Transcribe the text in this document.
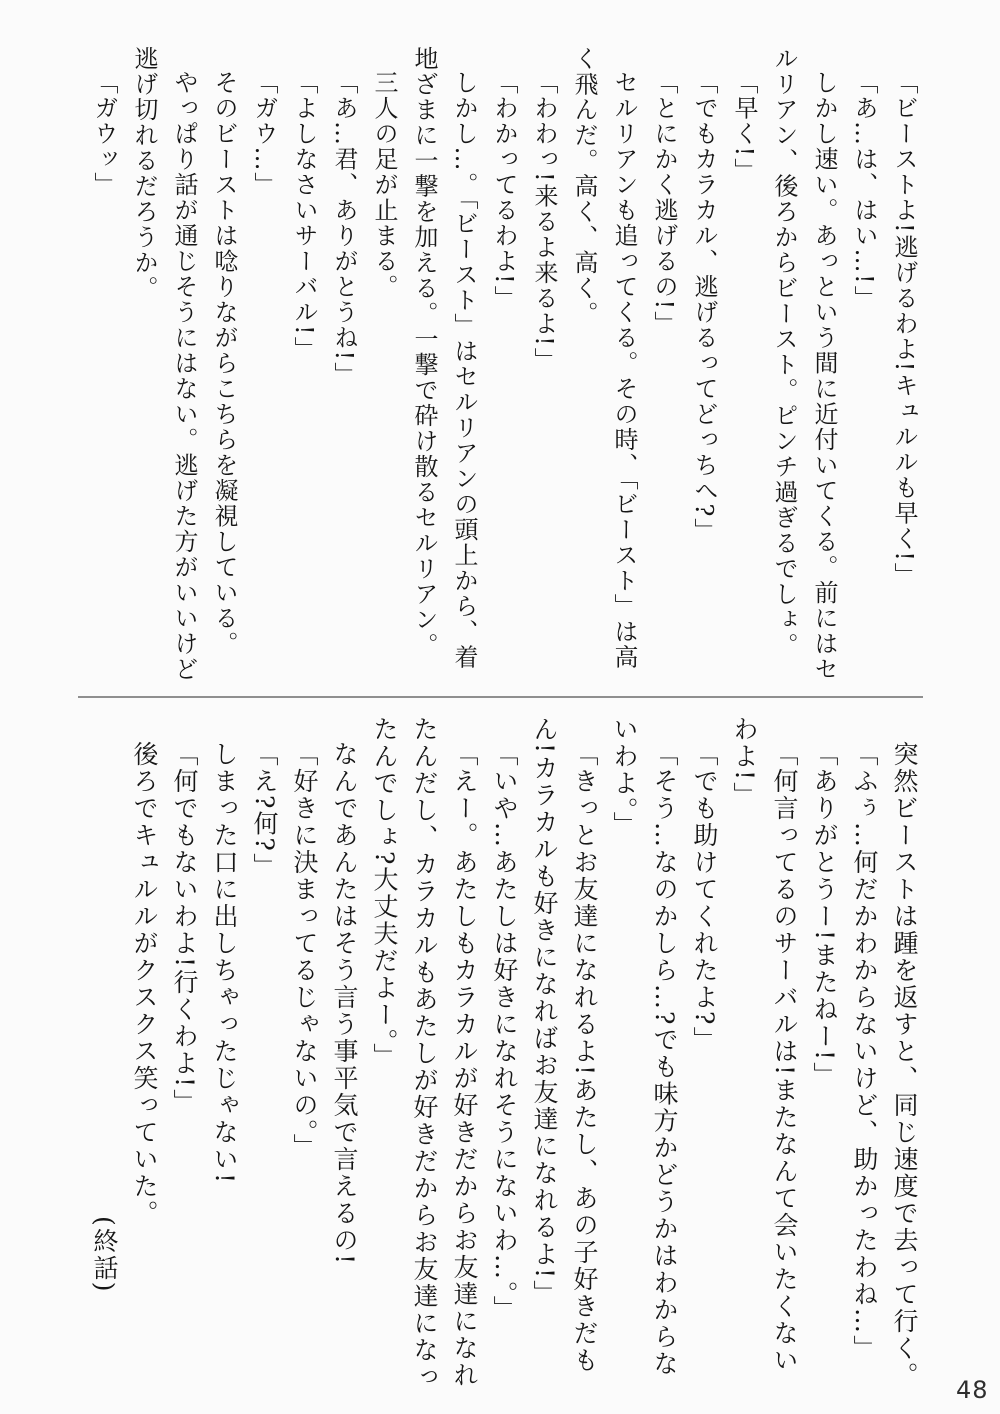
「ビーストよ!逃げるわよ!キュルルも早く!」

「あ…は、はい…!」

しかし速い。あっという間に近付いてくる。前にはセルリアン、後ろからビースト。ピンチ過ぎるでしょ。

「早く!」

「でもカラカル、逃げるってどっちへ?」

「とにかく逃げるの!」

セルリアンも追ってくる。その時、「ビースト」は高く飛んだ。高く、高く。

「わわっ!来るよ来るよ!」

「わかってるわよ!」

しかし…。「ビースト」はセルリアンの頭上から、着地ざまに一撃を加える。一撃で砕け散るセルリアン。

三人の足が止まる。

「あ…君、ありがとうね!」

「よしなさいサーバル!」

「ガウ…」

そのビーストは唸りながらこちらを凝視している。

やっぱり話が通じそうにはない。逃げた方がいいけど逃げ切れるだろうか。

「ガウッ」

突然ビーストは踵を返すと、同じ速度で去って行く。

「ふぅ…何だかわからないけど、助かったわね…」

「ありがとうー!またねー!」

「何言ってるのサーバルは!またなんて会いたくないわよ!」

「でも助けてくれたよ?」

「そう…なのかしら…?でも味方かどうかはわからないわよ。」

「きっとお友達になれるよ!あたし、あの子好きだもん!カラカルも好きになればお友達になれるよ!」

「いや…あたしは好きになれそうにないわ…。」

「えー。あたしもカラカルが好きだからお友達になれたんだし、カラカルもあたしが好きだからお友達になったんでしょ?大丈夫だよー。」

なんであんたはそう言う事平気で言えるの!

「好きに決まってるじゃないの。」

「え?何?」

しまった口に出しちゃったじゃない!

「何でもないわよ!行くわよ!」

後ろでキュルルがクスクス笑っていた。

(終話)

48
